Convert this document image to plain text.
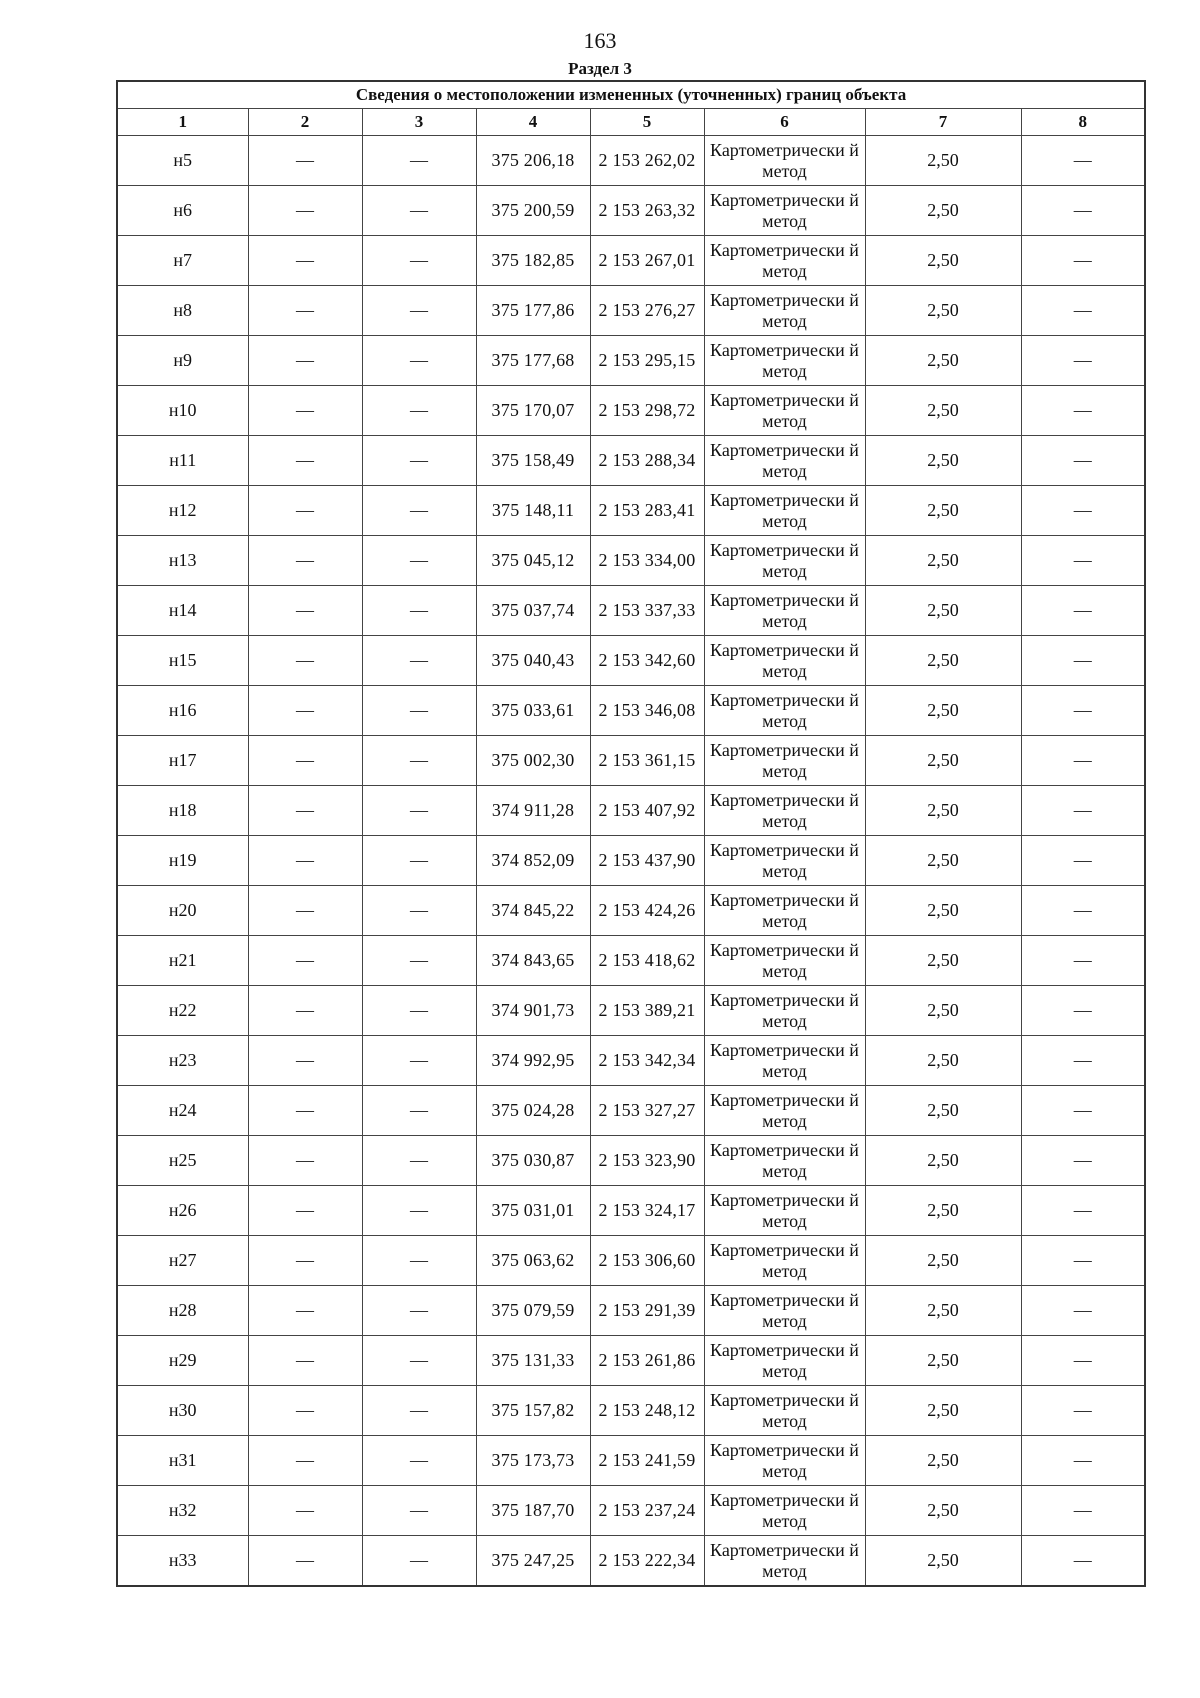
163
Раздел 3
Сведения о местоположении измененных (уточненных) границ объекта							
1	2	3	4	5	6	7	8
н5	—	—	375 206,18	2 153 262,02	Картометрически й метод	2,50	—
н6	—	—	375 200,59	2 153 263,32	Картометрически й метод	2,50	—
н7	—	—	375 182,85	2 153 267,01	Картометрически й метод	2,50	—
н8	—	—	375 177,86	2 153 276,27	Картометрически й метод	2,50	—
н9	—	—	375 177,68	2 153 295,15	Картометрически й метод	2,50	—
н10	—	—	375 170,07	2 153 298,72	Картометрически й метод	2,50	—
н11	—	—	375 158,49	2 153 288,34	Картометрически й метод	2,50	—
н12	—	—	375 148,11	2 153 283,41	Картометрически й метод	2,50	—
н13	—	—	375 045,12	2 153 334,00	Картометрически й метод	2,50	—
н14	—	—	375 037,74	2 153 337,33	Картометрически й метод	2,50	—
н15	—	—	375 040,43	2 153 342,60	Картометрически й метод	2,50	—
н16	—	—	375 033,61	2 153 346,08	Картометрически й метод	2,50	—
н17	—	—	375 002,30	2 153 361,15	Картометрически й метод	2,50	—
н18	—	—	374 911,28	2 153 407,92	Картометрически й метод	2,50	—
н19	—	—	374 852,09	2 153 437,90	Картометрически й метод	2,50	—
н20	—	—	374 845,22	2 153 424,26	Картометрически й метод	2,50	—
н21	—	—	374 843,65	2 153 418,62	Картометрически й метод	2,50	—
н22	—	—	374 901,73	2 153 389,21	Картометрически й метод	2,50	—
н23	—	—	374 992,95	2 153 342,34	Картометрически й метод	2,50	—
н24	—	—	375 024,28	2 153 327,27	Картометрически й метод	2,50	—
н25	—	—	375 030,87	2 153 323,90	Картометрически й метод	2,50	—
н26	—	—	375 031,01	2 153 324,17	Картометрически й метод	2,50	—
н27	—	—	375 063,62	2 153 306,60	Картометрически й метод	2,50	—
н28	—	—	375 079,59	2 153 291,39	Картометрически й метод	2,50	—
н29	—	—	375 131,33	2 153 261,86	Картометрически й метод	2,50	—
н30	—	—	375 157,82	2 153 248,12	Картометрически й метод	2,50	—
н31	—	—	375 173,73	2 153 241,59	Картометрически й метод	2,50	—
н32	—	—	375 187,70	2 153 237,24	Картометрически й метод	2,50	—
н33	—	—	375 247,25	2 153 222,34	Картометрически й метод	2,50	—
